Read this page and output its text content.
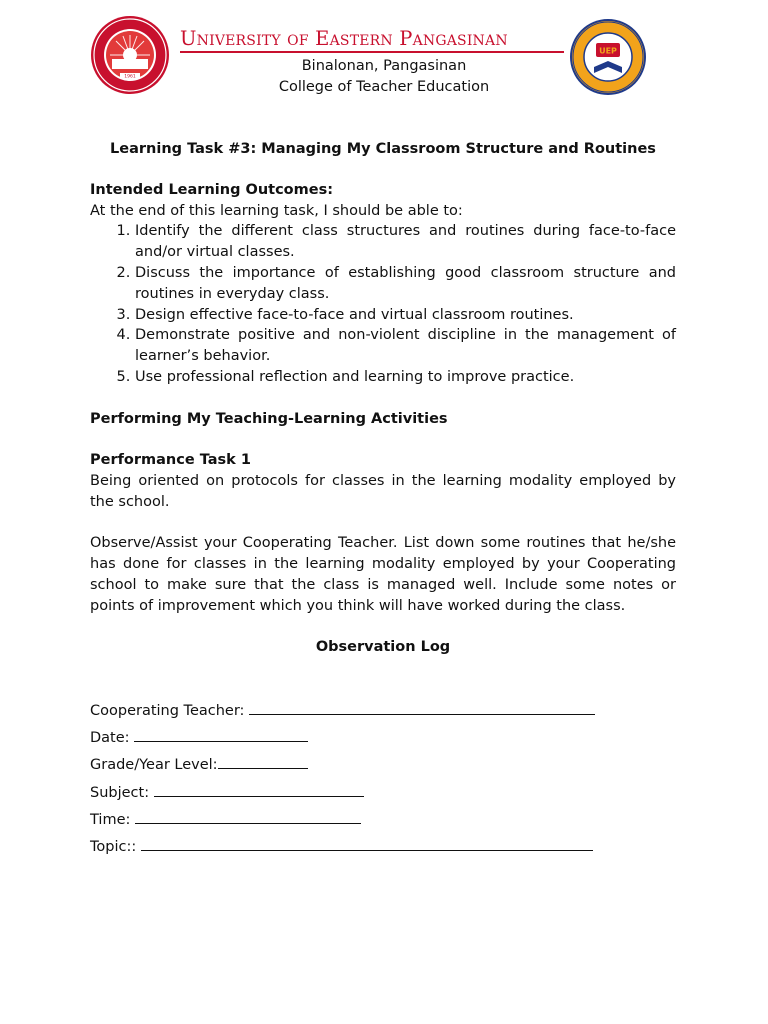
1961
University of Eastern Pangasinan
Binalonan, Pangasinan
College of Teacher Education
UEP

Learning Task #3: Managing My Classroom Structure and Routines

Intended Learning Outcomes:

At the end of this learning task, I should be able to:

1. Identify the different class structures and routines during face-to-face and/or virtual classes.
2. Discuss the importance of establishing good classroom structure and routines in everyday class.
3. Design effective face-to-face and virtual classroom routines.
4. Demonstrate positive and non-violent discipline in the management of learner’s behavior.
5. Use professional reflection and learning to improve practice.

Performing My Teaching-Learning Activities

Performance Task 1

Being oriented on protocols for classes in the learning modality employed by the school.

Observe/Assist your Cooperating Teacher. List down some routines that he/she has done for classes in the learning modality employed by your Cooperating school to make sure that the class is managed well. Include some notes or points of improvement which you think will have worked during the class.

Observation Log

Cooperating Teacher:
Date:
Grade/Year Level:
Subject:
Time:
Topic::
